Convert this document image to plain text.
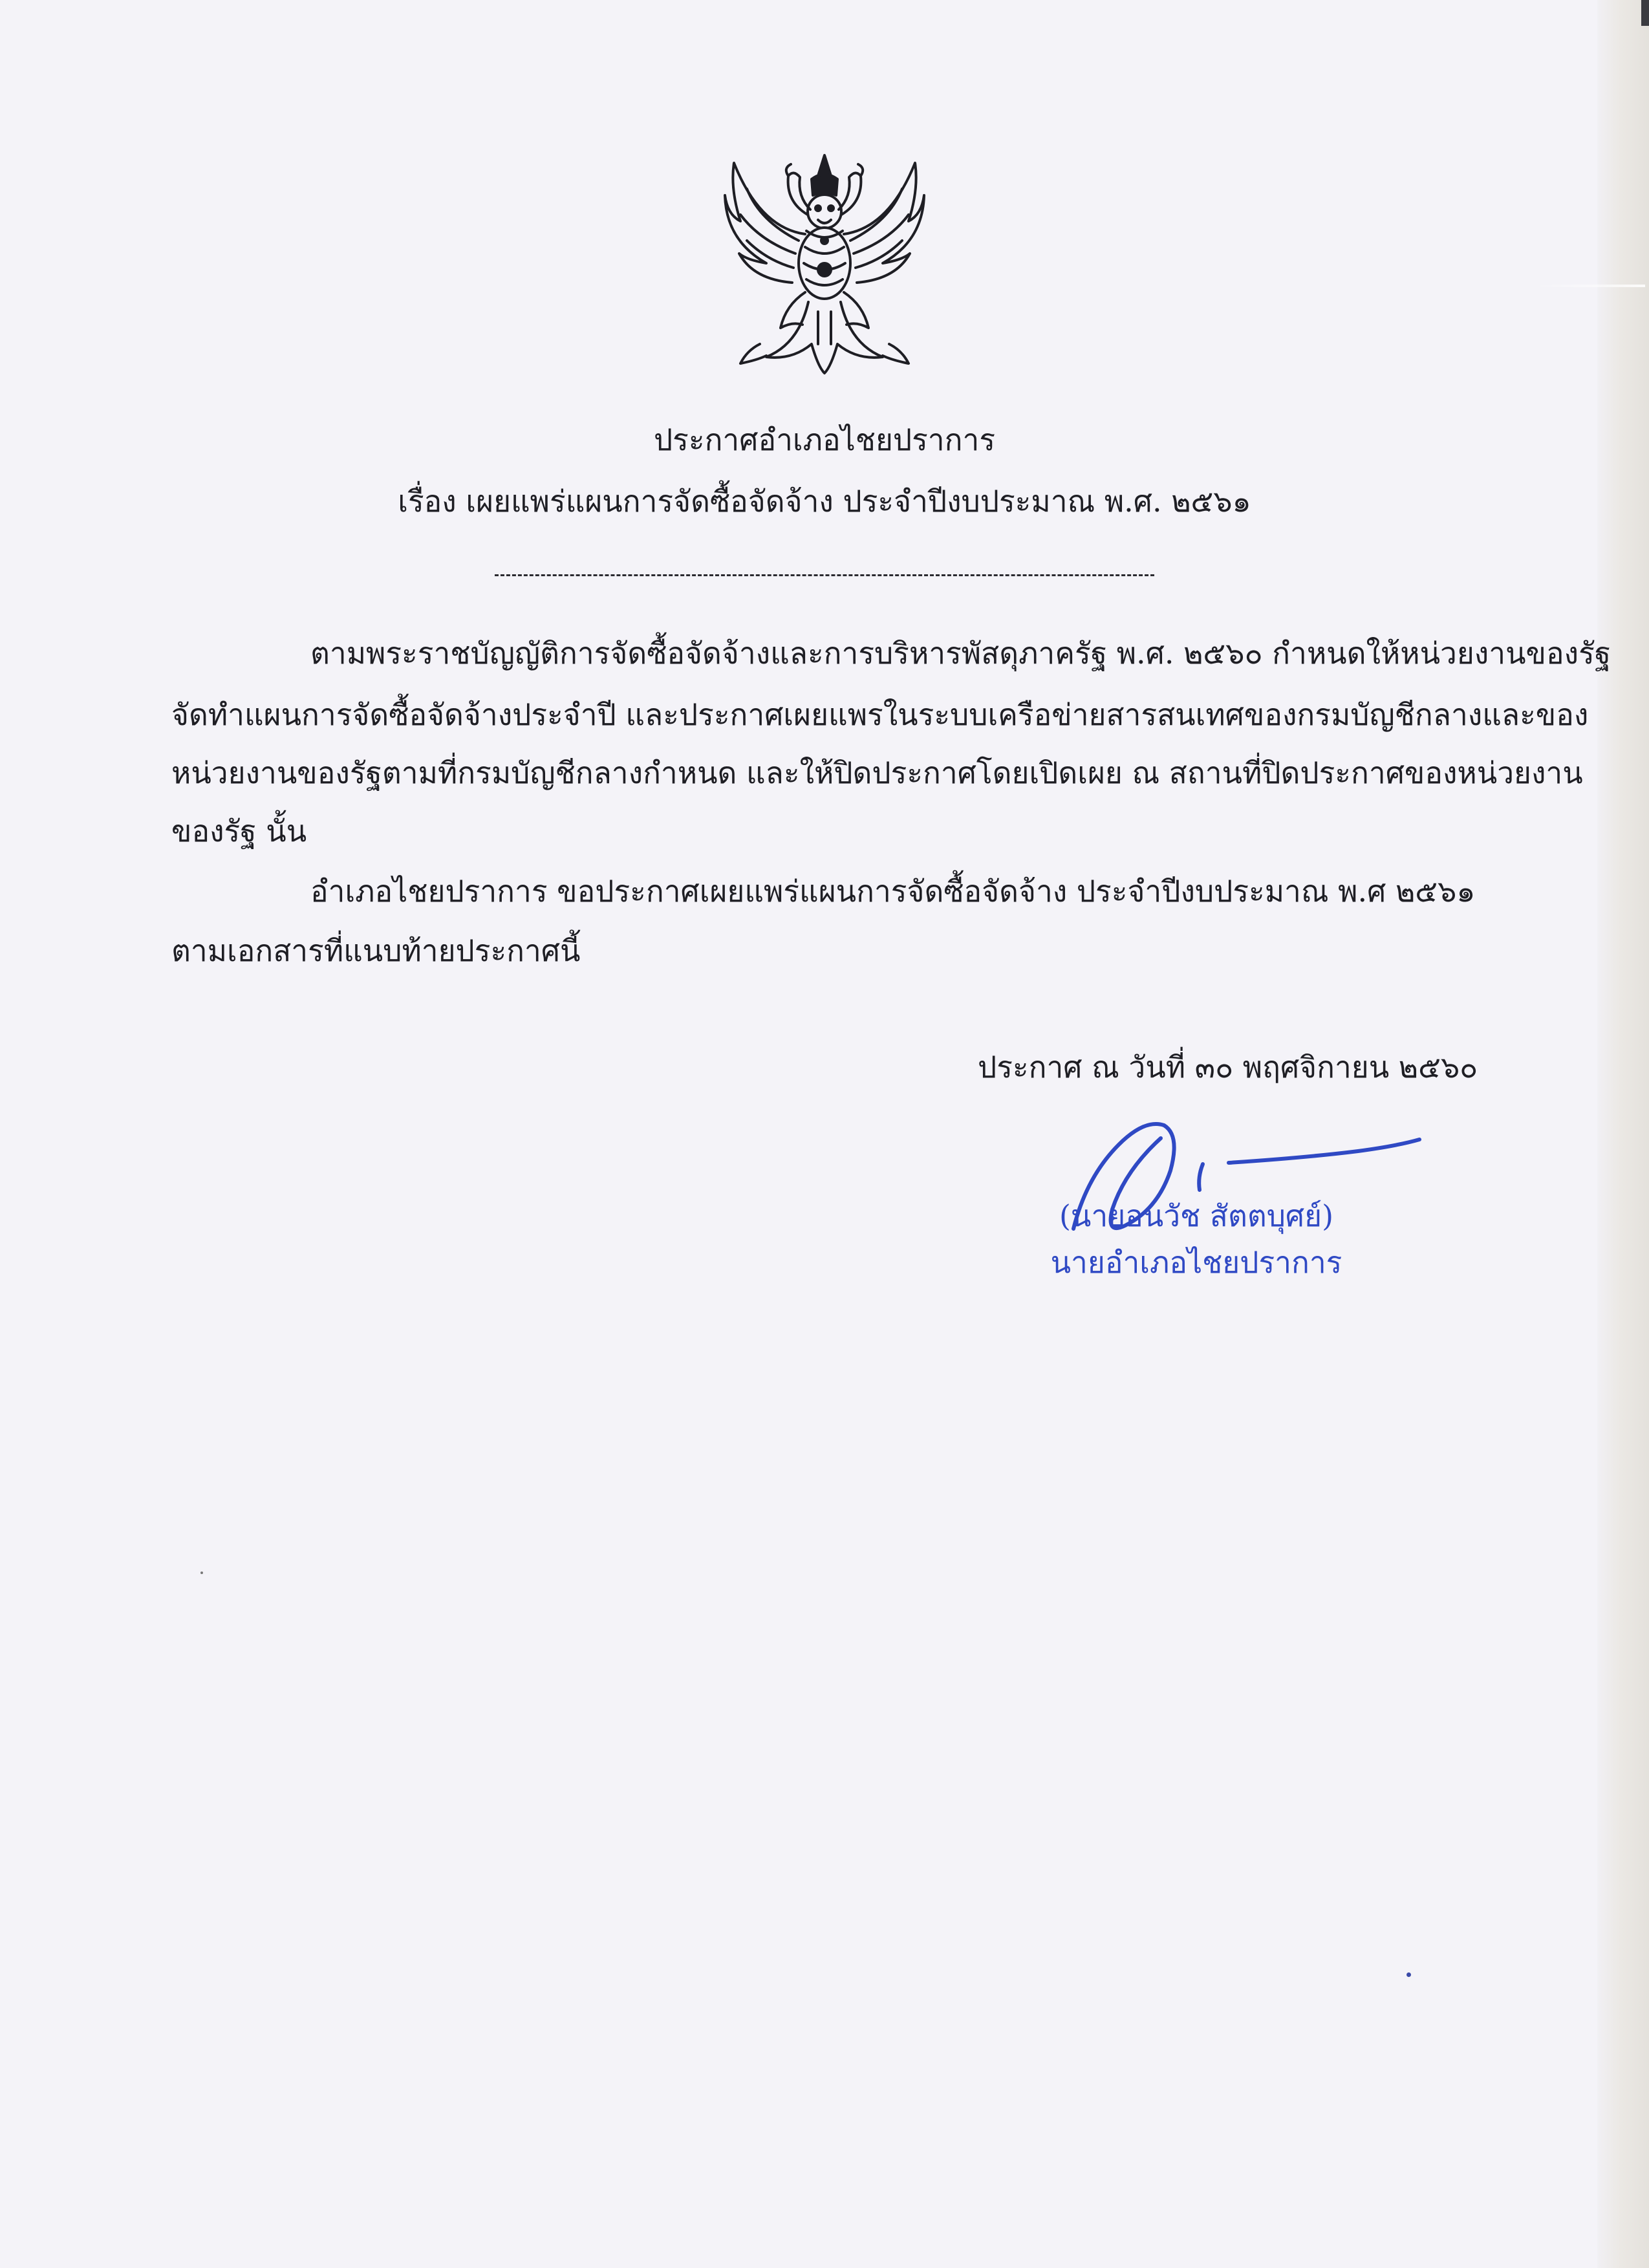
ประกาศอำเภอไชยปราการ
เรื่อง เผยแพร่แผนการจัดซื้อจัดจ้าง ประจำปีงบประมาณ พ.ศ. ๒๕๖๑
ตามพระราชบัญญัติการจัดซื้อจัดจ้างและการบริหารพัสดุภาครัฐ พ.ศ. ๒๕๖๐ กำหนดให้หน่วยงานของรัฐ
จัดทำแผนการจัดซื้อจัดจ้างประจำปี และประกาศเผยแพรในระบบเครือข่ายสารสนเทศของกรมบัญชีกลางและของ
หน่วยงานของรัฐตามที่กรมบัญชีกลางกำหนด และให้ปิดประกาศโดยเปิดเผย ณ สถานที่ปิดประกาศของหน่วยงาน
ของรัฐ นั้น
อำเภอไชยปราการ ขอประกาศเผยแพร่แผนการจัดซื้อจัดจ้าง ประจำปีงบประมาณ พ.ศ ๒๕๖๑
ตามเอกสารที่แนบท้ายประกาศนี้
ประกาศ ณ วันที่ ๓๐ พฤศจิกายน ๒๕๖๐
(นายอนวัช สัตตบุศย์)
นายอำเภอไชยปราการ
